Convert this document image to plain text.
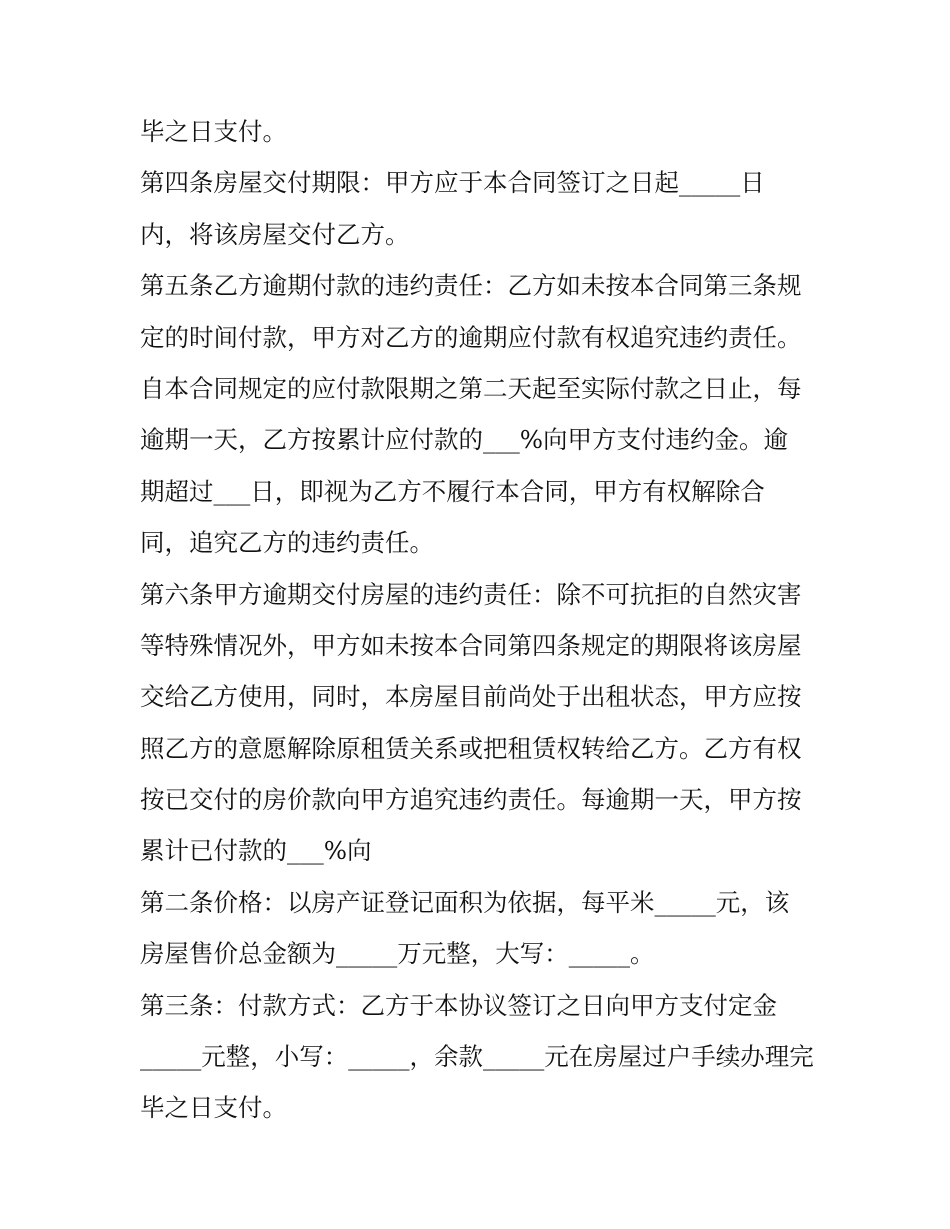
毕之日支付。

第四条房屋交付期限：甲方应于本合同签订之日起_____日

内，将该房屋交付乙方。

第五条乙方逾期付款的违约责任：乙方如未按本合同第三条规

定的时间付款，甲方对乙方的逾期应付款有权追究违约责任。

自本合同规定的应付款限期之第二天起至实际付款之日止，每

逾期一天，乙方按累计应付款的___%向甲方支付违约金。逾

期超过___日，即视为乙方不履行本合同，甲方有权解除合

同，追究乙方的违约责任。

第六条甲方逾期交付房屋的违约责任：除不可抗拒的自然灾害

等特殊情况外，甲方如未按本合同第四条规定的期限将该房屋

交给乙方使用，同时，本房屋目前尚处于出租状态，甲方应按

照乙方的意愿解除原租赁关系或把租赁权转给乙方。乙方有权

按已交付的房价款向甲方追究违约责任。每逾期一天，甲方按

累计已付款的___%向

第二条价格：以房产证登记面积为依据，每平米_____元，该

房屋售价总金额为_____万元整，大写：_____。

第三条：付款方式：乙方于本协议签订之日向甲方支付定金

_____元整，小写：_____，余款_____元在房屋过户手续办理完

毕之日支付。
